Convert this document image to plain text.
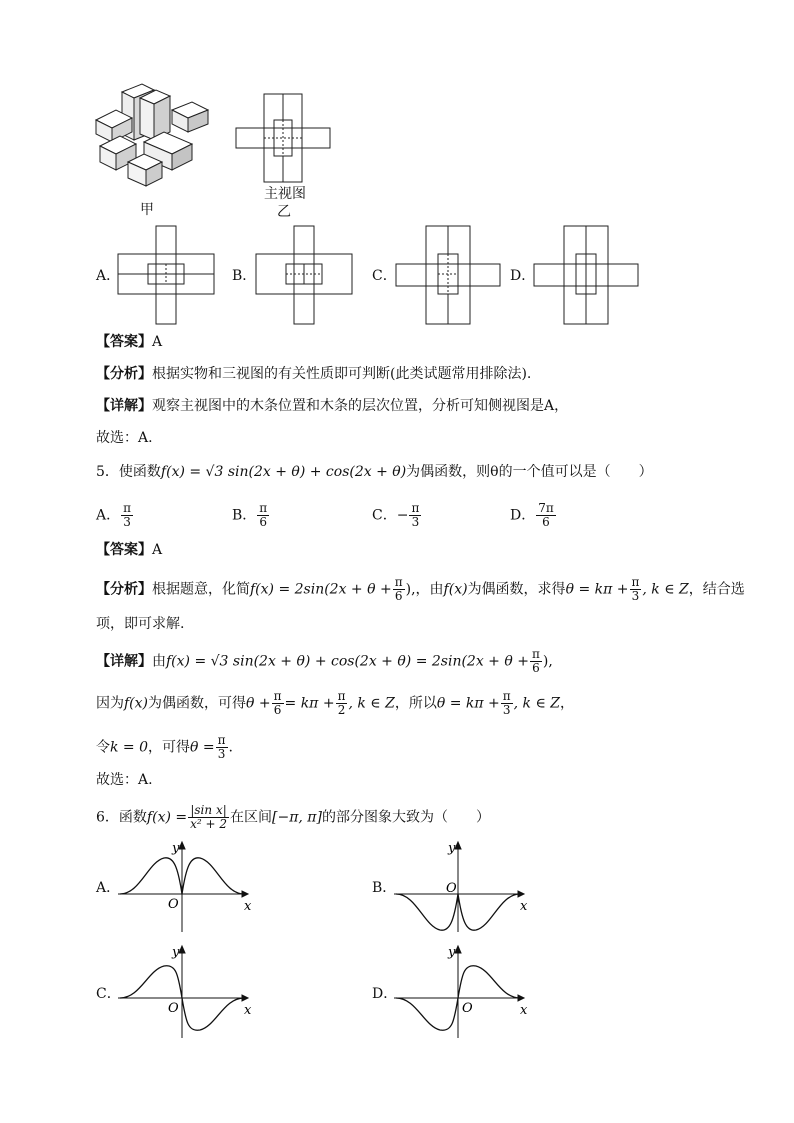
甲
主视图
乙
A．	B．	C．	D．
【答案】A
【分析】根据实物和三视图的有关性质即可判断(此类试题常用排除法).
【详解】观察主视图中的木条位置和木条的层次位置，分析可知侧视图是A，
故选：A.
5．使函数f(x) = √3 sin(2x + θ) + cos(2x + θ)为偶函数，则θ的一个值可以是（　　）
A． $\frac{\pi}{3}$	B． $\frac{\pi}{6}$	C．− $\frac{\pi}{3}$	D． $\frac{7\pi}{6}$
【答案】A
【分析】根据题意，化简$f(x) = 2\sin(2x + \theta + \frac{\pi}{6}$ ),，由f(x)为偶函数，求得$\theta = k\pi + \frac{\pi}{3}$ , k ∈ Z，结合选
项，即可求解.
【详解】由f(x) = √3 $\sin(2x + \theta) + \cos(2x + \theta) = 2\sin(2x + \theta + \frac{\pi}{6}$ ),
因为f(x)为偶函数，可得$\theta + \frac{\pi}{6} = k\pi + \frac{\pi}{2}$ , k ∈ Z，所以$\theta = k\pi + \frac{\pi}{3}$ , k ∈ Z，
令k = 0，可得$\theta = \frac{\pi}{3}$ .
故选：A.
6．函数$f(x) = \frac{\text{|sin x|}}{\text{x² + 2}}$ 在区间[−π, π]的部分图象大致为（　　）
A．
y
x
O
B．
y
x
O
C．
y
x
O
D．
y
x
O
